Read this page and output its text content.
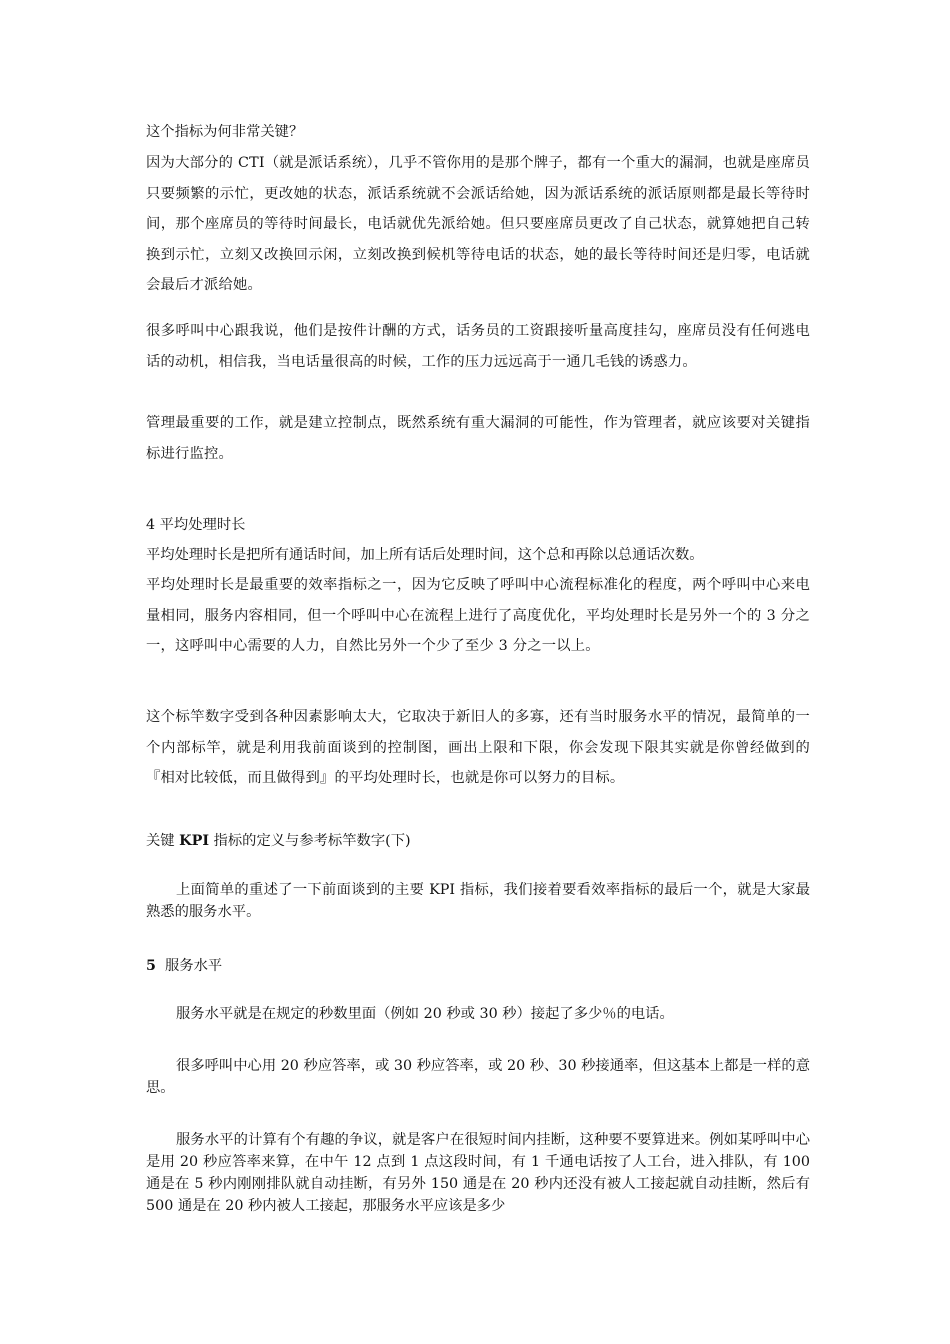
这个指标为何非常关键？

因为大部分的 CTI（就是派话系统），几乎不管你用的是那个牌子，都有一个重大的漏洞，也就是座席员只要频繁的示忙，更改她的状态，派话系统就不会派话给她，因为派话系统的派话原则都是最长等待时间，那个座席员的等待时间最长，电话就优先派给她。但只要座席员更改了自己状态，就算她把自己转换到示忙，立刻又改换回示闲，立刻改换到候机等待电话的状态，她的最长等待时间还是归零，电话就会最后才派给她。

很多呼叫中心跟我说，他们是按件计酬的方式，话务员的工资跟接听量高度挂勾，座席员没有任何逃电话的动机，相信我，当电话量很高的时候，工作的压力远远高于一通几毛钱的诱惑力。

管理最重要的工作，就是建立控制点，既然系统有重大漏洞的可能性，作为管理者，就应该要对关键指标进行监控。

4 平均处理时长

平均处理时长是把所有通话时间，加上所有话后处理时间，这个总和再除以总通话次数。

平均处理时长是最重要的效率指标之一，因为它反映了呼叫中心流程标准化的程度，两个呼叫中心来电量相同，服务内容相同，但一个呼叫中心在流程上进行了高度优化，平均处理时长是另外一个的 3 分之一，这呼叫中心需要的人力，自然比另外一个少了至少 3 分之一以上。

这个标竿数字受到各种因素影响太大，它取决于新旧人的多寡，还有当时服务水平的情况，最简单的一个内部标竿，就是利用我前面谈到的控制图，画出上限和下限，你会发现下限其实就是你曾经做到的『相对比较低，而且做得到』的平均处理时长，也就是你可以努力的目标。

关键 KPI 指标的定义与参考标竿数字(下)

上面简单的重述了一下前面谈到的主要 KPI 指标，我们接着要看效率指标的最后一个，就是大家最熟悉的服务水平。

5 服务水平

服务水平就是在规定的秒数里面（例如 20 秒或 30 秒）接起了多少％的电话。

很多呼叫中心用 20 秒应答率，或 30 秒应答率，或 20 秒、30 秒接通率，但这基本上都是一样的意思。

服务水平的计算有个有趣的争议，就是客户在很短时间内挂断，这种要不要算进来。例如某呼叫中心是用 20 秒应答率来算，在中午 12 点到 1 点这段时间，有 1 千通电话按了人工台，进入排队，有 100 通是在 5 秒内刚刚排队就自动挂断，有另外 150 通是在 20 秒内还没有被人工接起就自动挂断，然后有 500 通是在 20 秒内被人工接起，那服务水平应该是多少
